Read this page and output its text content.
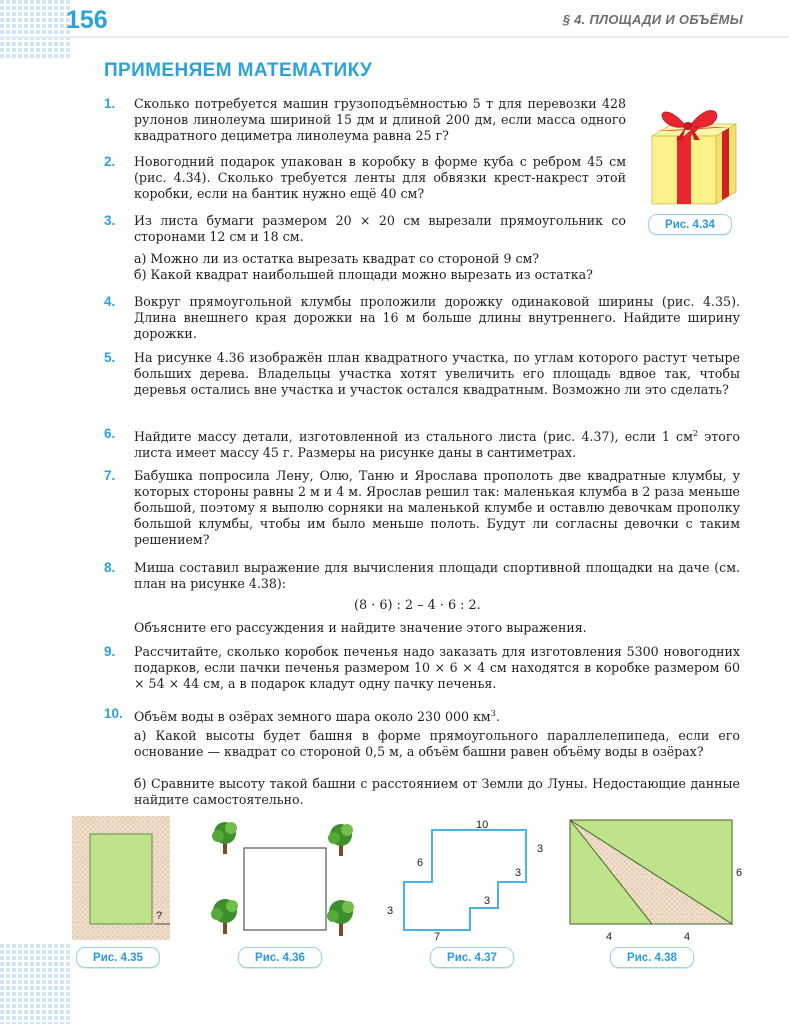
156	§ 4. ПЛОЩАДИ И ОБЪЁМЫ
ПРИМЕНЯЕМ МАТЕМАТИКУ
1. Сколько потребуется машин грузоподъёмностью 5 т для перевозки 428 рулонов линолеума шириной 15 дм и длиной 200 дм, если масса одного квадратного дециметра линолеума равна 25 г?
2. Новогодний подарок упакован в коробку в форме куба с ребром 45 см (рис. 4.34). Сколько требуется ленты для обвязки крест-накрест этой коробки, если на бантик нужно ещё 40 см?
3. Из листа бумаги размером 20 × 20 см вырезали прямоугольник со сторонами 12 см и 18 см.
а) Можно ли из остатка вырезать квадрат со стороной 9 см?
б) Какой квадрат наибольшей площади можно вырезать из остатка?
4. Вокруг прямоугольной клумбы проложили дорожку одинаковой ширины (рис. 4.35). Длина внешнего края дорожки на 16 м больше длины внутреннего. Найдите ширину дорожки.
5. На рисунке 4.36 изображён план квадратного участка, по углам которого растут четыре больших дерева. Владельцы участка хотят увеличить его площадь вдвое так, чтобы деревья остались вне участка и участок остался квадратным. Возможно ли это сделать?
6. Найдите массу детали, изготовленной из стального листа (рис. 4.37), если 1 $см^2$ этого листа имеет массу 45 г. Размеры на рисунке даны в сантиметрах.
7. Бабушка попросила Лену, Олю, Таню и Ярослава прополоть две квадратные клумбы, у которых стороны равны 2 м и 4 м. Ярослав решил так: маленькая клумба в 2 раза меньше большой, поэтому я выполю сорняки на маленькой клумбе и оставлю девочкам прополку большой клумбы, чтобы им было меньше полоть. Будут ли согласны девочки с таким решением?
8. Миша составил выражение для вычисления площади спортивной площадки на даче (см. план на рисунке 4.38):
(8 · 6) : 2 – 4 · 6 : 2.
Объясните его рассуждения и найдите значение этого выражения.
9. Рассчитайте, сколько коробок печенья надо заказать для изготовления 5300 новогодних подарков, если пачки печенья размером 10 × 6 × 4 см находятся в коробке размером 60 × 54 × 44 см, а в подарок кладут одну пачку печенья.
10. Объём воды в озёрах земного шара около 230 000 $км^3$.
а) Какой высоты будет башня в форме прямоугольного параллелепипеда, если его основание — квадрат со стороной 0,5 м, а объём башни равен объёму воды в озёрах?
б) Сравните высоту такой башни с расстоянием от Земли до Луны. Недостающие данные найдите самостоятельно.
Рис. 4.34
?
Рис. 4.35	Рис. 4.36
10
3
3
6
3
3
7
Рис. 4.37
6
4	4
Рис. 4.38
